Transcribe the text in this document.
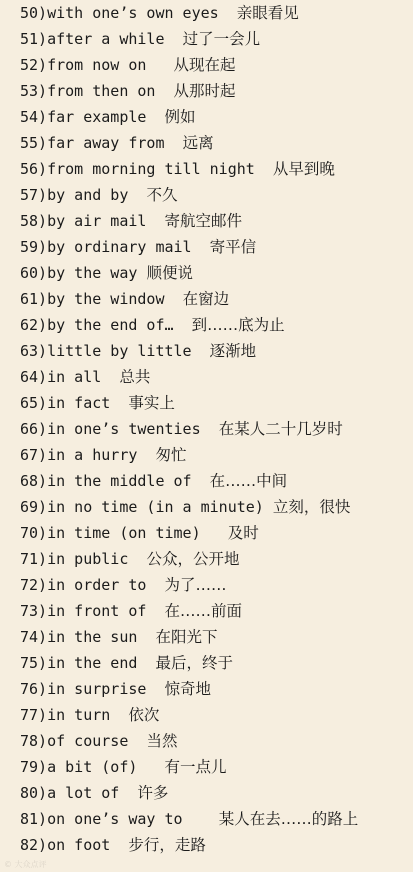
50)with one’s own eyes  亲眼看见
51)after a while  过了一会儿
52)from now on   从现在起
53)from then on  从那时起
54)far example  例如
55)far away from  远离
56)from morning till night  从早到晚
57)by and by  不久
58)by air mail  寄航空邮件
59)by ordinary mail  寄平信
60)by the way 顺便说
61)by the window  在窗边
62)by the end of…  到……底为止
63)little by little  逐渐地
64)in all  总共
65)in fact  事实上
66)in one’s twenties  在某人二十几岁时
67)in a hurry  匆忙
68)in the middle of  在……中间
69)in no time (in a minute) 立刻，很快
70)in time (on time)   及时
71)in public  公众，公开地
72)in order to  为了……
73)in front of  在……前面
74)in the sun  在阳光下
75)in the end  最后，终于
76)in surprise  惊奇地
77)in turn  依次
78)of course  当然
79)a bit (of)   有一点儿
80)a lot of  许多
81)on one’s way to    某人在去……的路上
82)on foot  步行，走路
© 大众点评
